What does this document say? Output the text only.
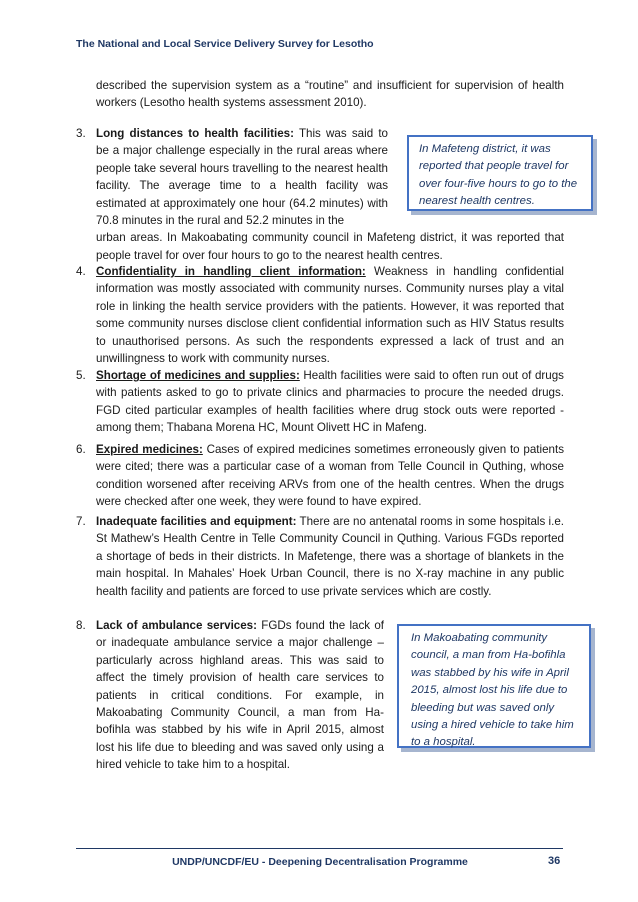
The National and Local Service Delivery Survey for Lesotho
described the supervision system as a “routine” and insufficient for supervision of health workers (Lesotho health systems assessment 2010).
3. Long distances to health facilities: This was said to be a major challenge especially in the rural areas where people take several hours travelling to the nearest health facility. The average time to a health facility was estimated at approximately one hour (64.2 minutes) with 70.8 minutes in the rural and 52.2 minutes in the
urban areas. In Makoabating community council in Mafeteng district, it was reported that people travel for over four hours to go to the nearest health centres.
In Mafeteng district, it was reported that people travel for over four-five hours to go to the nearest health centres.
4. Confidentiality in handling client information: Weakness in handling confidential information was mostly associated with community nurses. Community nurses play a vital role in linking the health service providers with the patients. However, it was reported that some community nurses disclose client confidential information such as HIV Status results to unauthorised persons. As such the respondents expressed a lack of trust and an unwillingness to work with community nurses.
5. Shortage of medicines and supplies: Health facilities were said to often run out of drugs with patients asked to go to private clinics and pharmacies to procure the needed drugs. FGD cited particular examples of health facilities where drug stock outs were reported - among them; Thabana Morena HC, Mount Olivett HC in Mafeng.
6. Expired medicines: Cases of expired medicines sometimes erroneously given to patients were cited; there was a particular case of a woman from Telle Council in Quthing, whose condition worsened after receiving ARVs from one of the health centres. When the drugs were checked after one week, they were found to have expired.
7. Inadequate facilities and equipment: There are no antenatal rooms in some hospitals i.e. St Mathew’s Health Centre in Telle Community Council in Quthing. Various FGDs reported a shortage of beds in their districts. In Mafetenge, there was a shortage of blankets in the main hospital. In Mahales’ Hoek Urban Council, there is no X-ray machine in any public health facility and patients are forced to use private services which are costly.
8. Lack of ambulance services: FGDs found the lack of or inadequate ambulance service a major challenge – particularly across highland areas. This was said to affect the timely provision of health care services to patients in critical conditions. For example, in Makoabating Community Council, a man from Ha-bofihla was stabbed by his wife in April 2015, almost lost his life due to bleeding and was saved only using a hired vehicle to take him to a hospital.
In Makoabating community council, a man from Ha-bofihla was stabbed by his wife in April 2015, almost lost his life due to bleeding but was saved only using a hired vehicle to take him to a hospital.
UNDP/UNCDF/EU - Deepening Decentralisation Programme	36
